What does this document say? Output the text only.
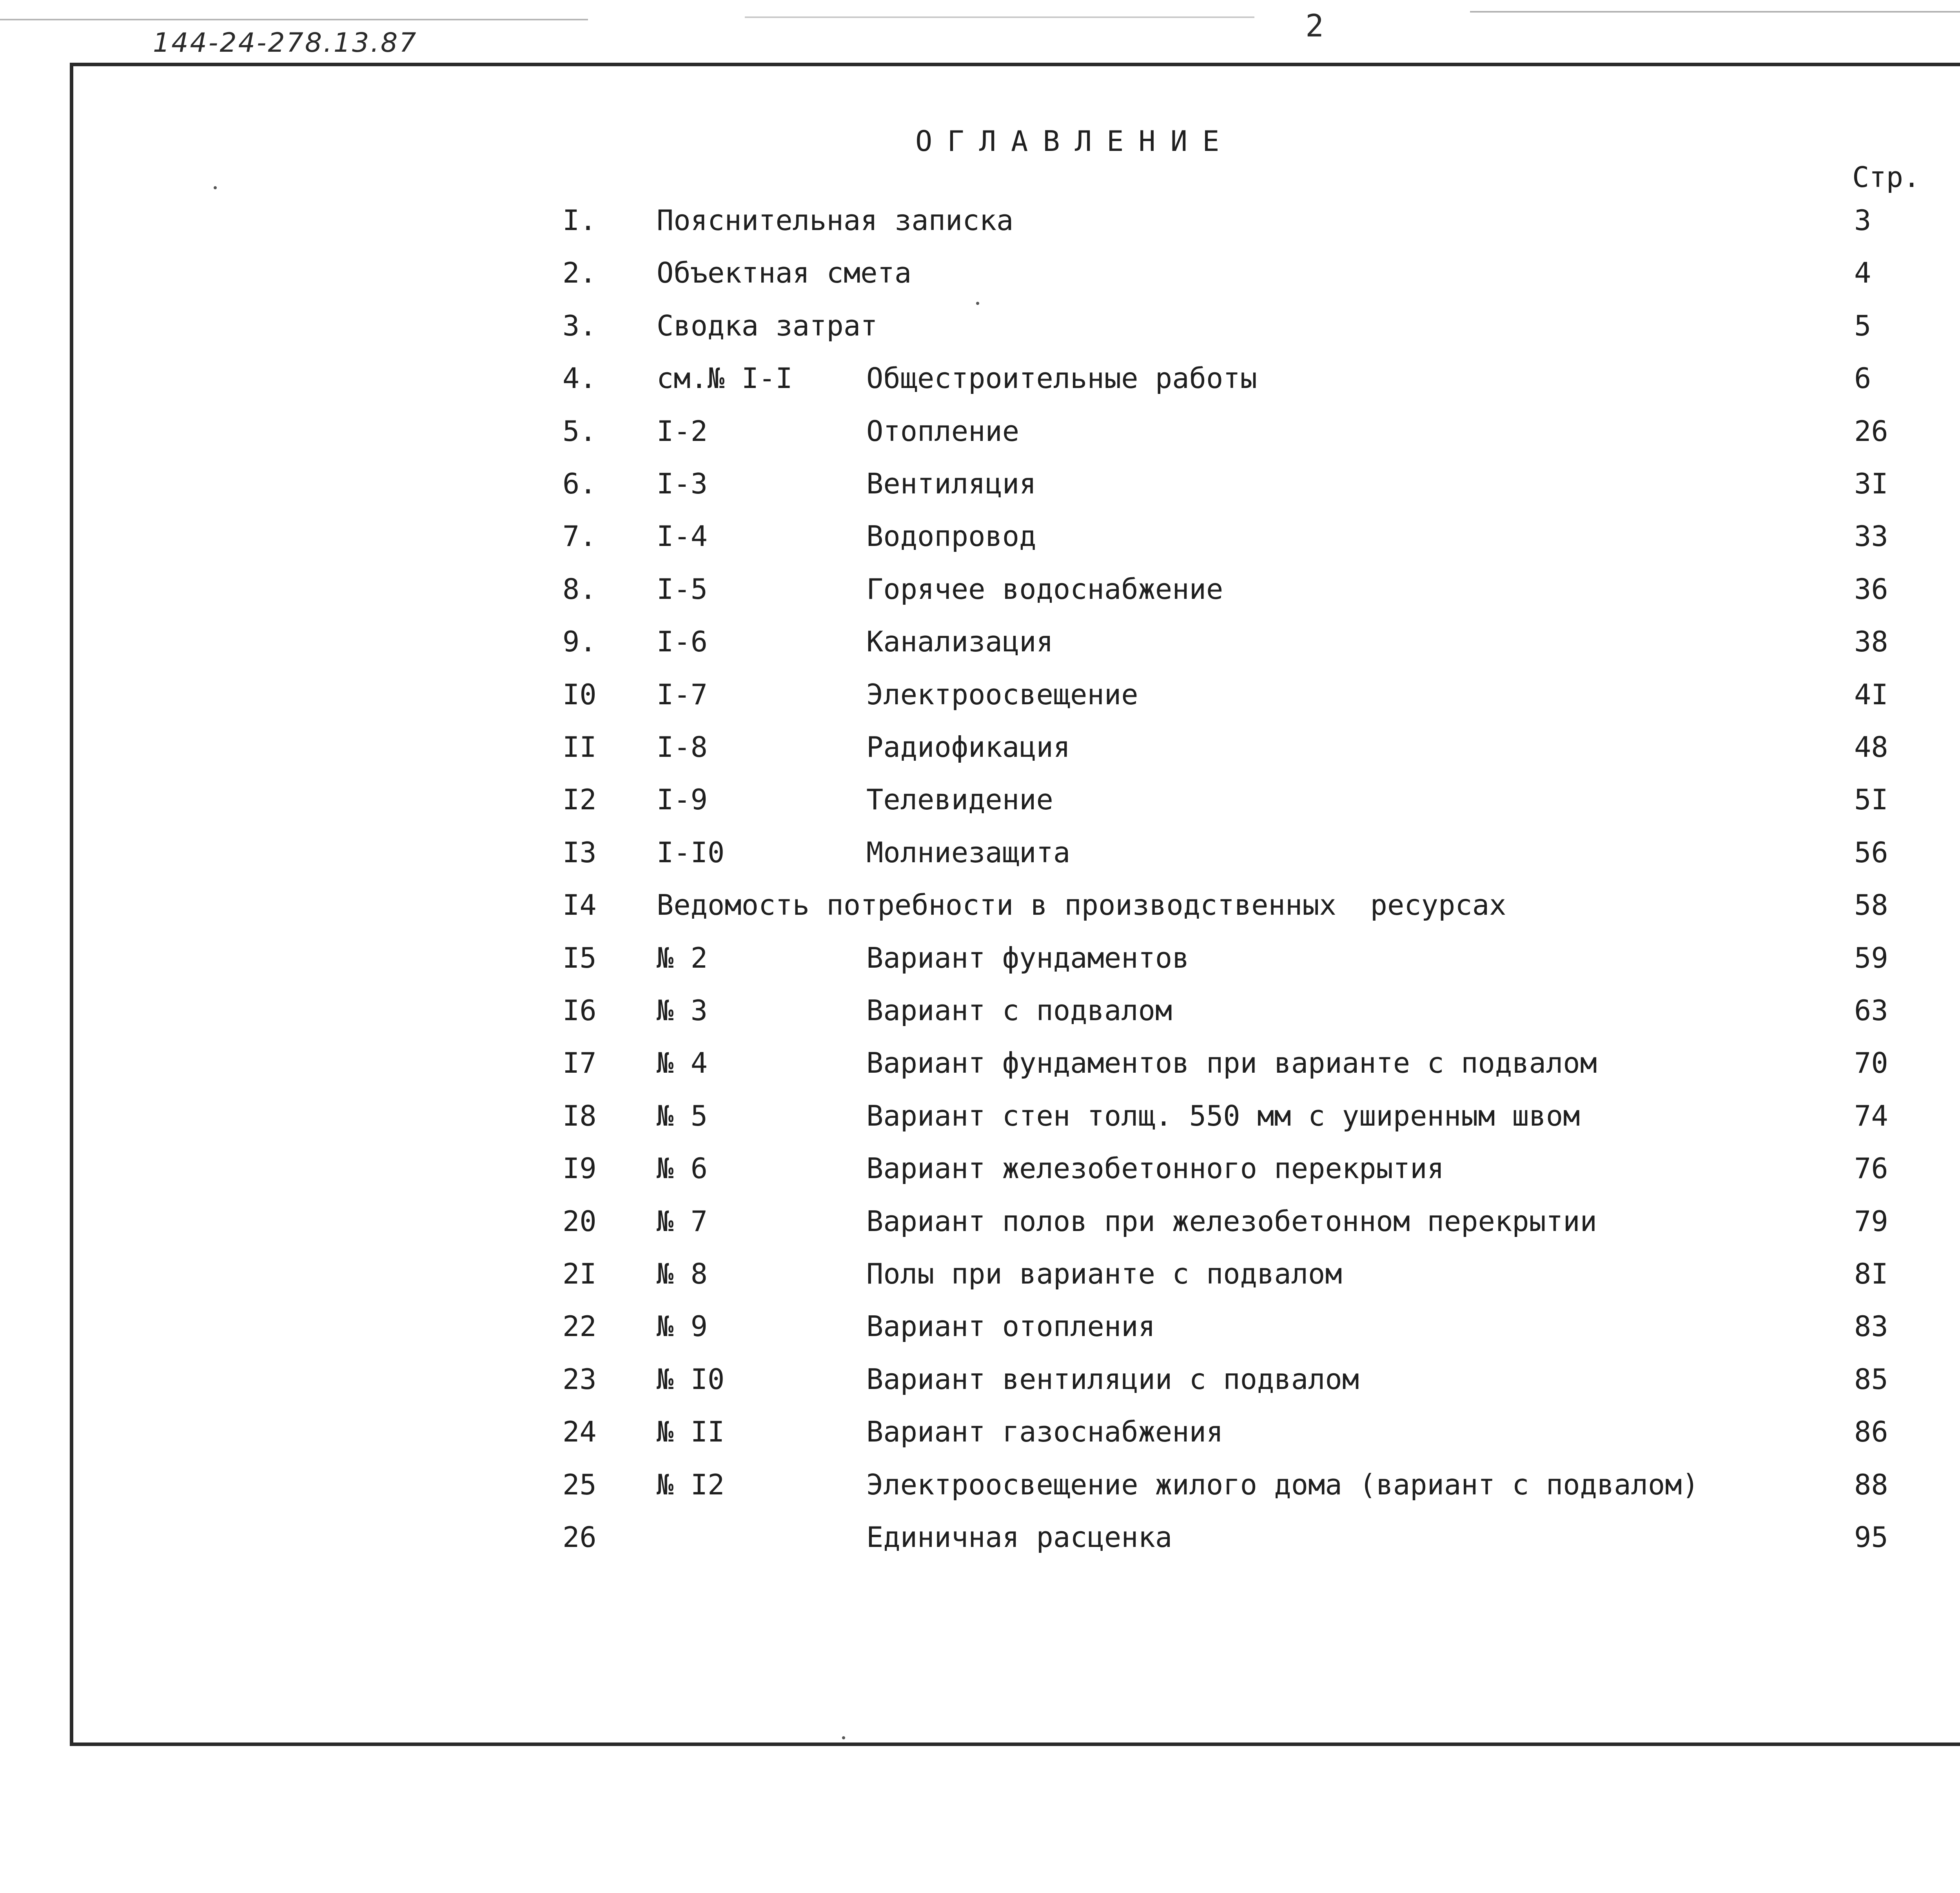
144-24-278.13.87	2
ОГЛАВЛЕНИЕ
Стр.
I. Пояснительная записка	3
2. Объектная смета	4
3. Сводка затрат	5
4. см.№ I-I	Общестроительные работы	6
5. I-2	Отопление	26
6. I-3	Вентиляция	3I
7. I-4	Водопровод	33
8. I-5	Горячее водоснабжение	36
9. I-6	Канализация	38
I0 I-7	Электроосвещение	4I
II I-8	Радиофикация	48
I2 I-9	Телевидение	5I
I3 I-I0	Молниезащита	56
I4 Ведомость потребности в производственных  ресурсах	58
I5 № 2	Вариант фундаментов	59
I6 № 3	Вариант с подвалом	63
I7 № 4	Вариант фундаментов при варианте с подвалом	70
I8 № 5	Вариант стен толщ. 550 мм с уширенным швом	74
I9 № 6	Вариант железобетонного перекрытия	76
20 № 7	Вариант полов при железобетонном перекрытии	79
2I № 8	Полы при варианте с подвалом	8I
22 № 9	Вариант отопления	83
23 № I0	Вариант вентиляции с подвалом	85
24 № II	Вариант газоснабжения	86
25 № I2	Электроосвещение жилого дома (вариант с подвалом)	88
26	Единичная расценка	95
